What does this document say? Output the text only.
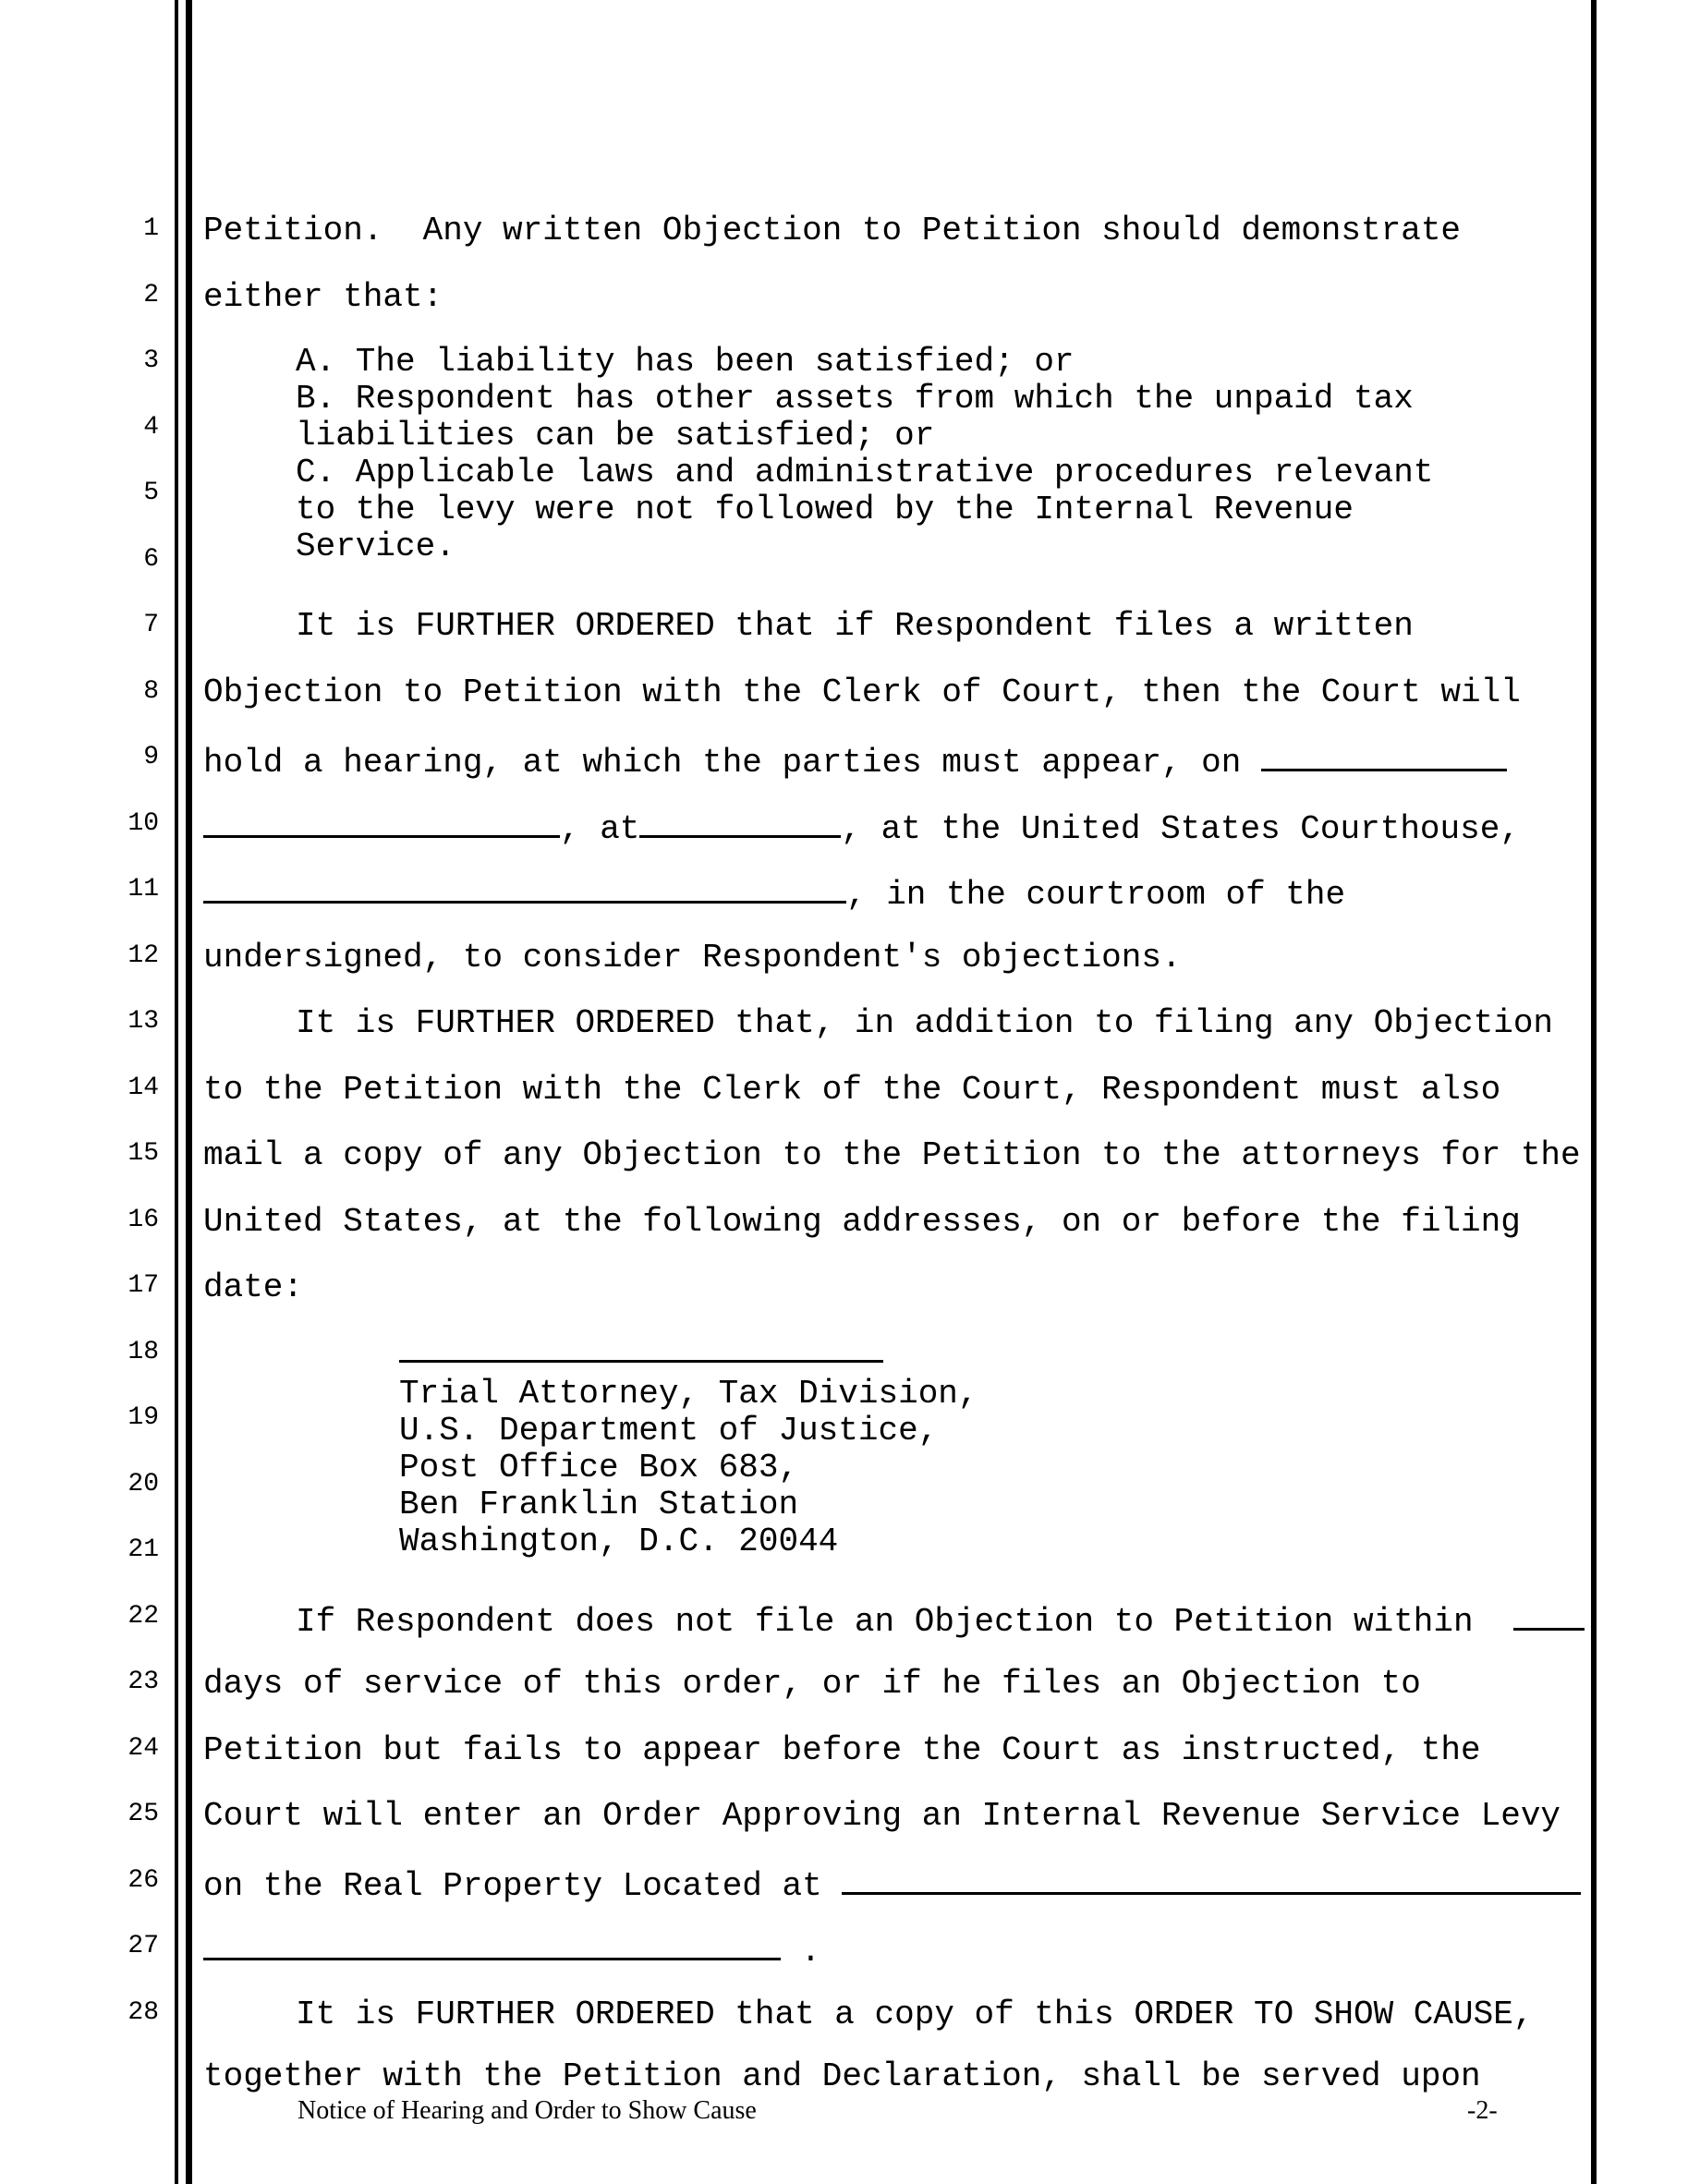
1
2
3
4
5
6
7
8
9
10
11
12
13
14
15
16
17
18
19
20
21
22
23
24
25
26
27
28
Petition.  Any written Objection to Petition should demonstrate
either that:
A. The liability has been satisfied; or
B. Respondent has other assets from which the unpaid tax
liabilities can be satisfied; or
C. Applicable laws and administrative procedures relevant
to the levy were not followed by the Internal Revenue
Service.
It is FURTHER ORDERED that if Respondent files a written
Objection to Petition with the Clerk of Court, then the Court will
hold a hearing, at which the parties must appear, on
, at	, at the United States Courthouse,
, in the courtroom of the
undersigned, to consider Respondent's objections.
It is FURTHER ORDERED that, in addition to filing any Objection
to the Petition with the Clerk of the Court, Respondent must also
mail a copy of any Objection to the Petition to the attorneys for the
United States, at the following addresses, on or before the filing
date:
Trial Attorney, Tax Division,
U.S. Department of Justice,
Post Office Box 683,
Ben Franklin Station
Washington, D.C. 20044
If Respondent does not file an Objection to Petition within
days of service of this order, or if he files an Objection to
Petition but fails to appear before the Court as instructed, the
Court will enter an Order Approving an Internal Revenue Service Levy
on the Real Property Located at
.
It is FURTHER ORDERED that a copy of this ORDER TO SHOW CAUSE,
together with the Petition and Declaration, shall be served upon
Notice of Hearing and Order to Show Cause	-2-
